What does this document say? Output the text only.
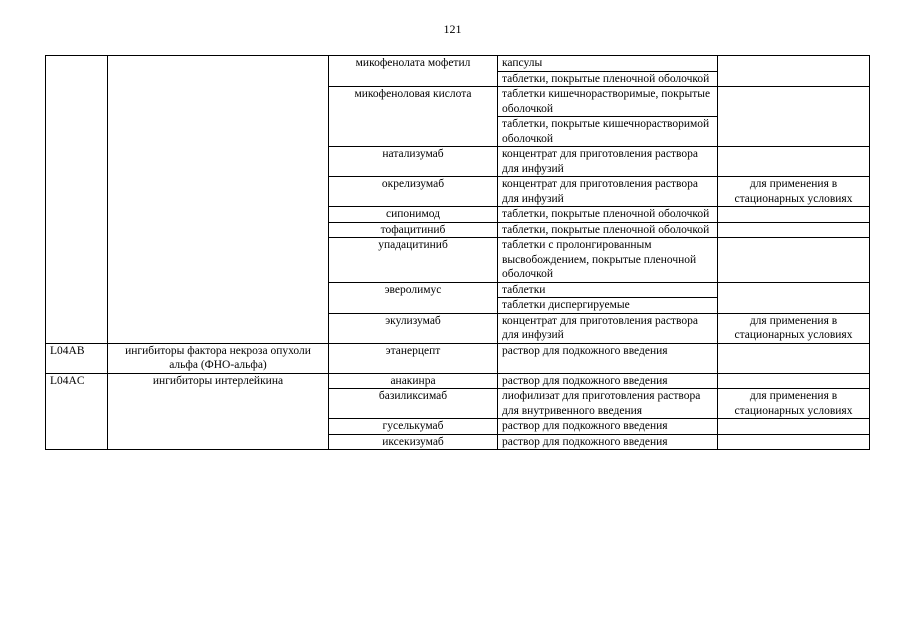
121
		микофенолата мофетил	капсулы	
			таблетки, покрытые пленочной оболочкой	
		микофеноловая кислота	таблетки кишечнорастворимые, покрытые оболочкой	
			таблетки, покрытые кишечнорастворимой оболочкой	
		натализумаб	концентрат для приготовления раствора для инфузий	
		окрелизумаб	концентрат для приготовления раствора для инфузий	для применения в стационарных условиях
		сипонимод	таблетки, покрытые пленочной оболочкой	
		тофацитиниб	таблетки, покрытые пленочной оболочкой	
		упадацитиниб	таблетки с пролонгированным высвобождением, покрытые пленочной оболочкой	
		эверолимус	таблетки	
			таблетки диспергируемые	
		экулизумаб	концентрат для приготовления раствора для инфузий	для применения в стационарных условиях
L04AB	ингибиторы фактора некроза опухоли альфа (ФНО-альфа)	этанерцепт	раствор для подкожного введения	
L04AC	ингибиторы интерлейкина	анакинра	раствор для подкожного введения	
		базиликсимаб	лиофилизат для приготовления раствора для внутривенного введения	для применения в стационарных условиях
		гуселькумаб	раствор для подкожного введения	
		иксекизумаб	раствор для подкожного введения	
